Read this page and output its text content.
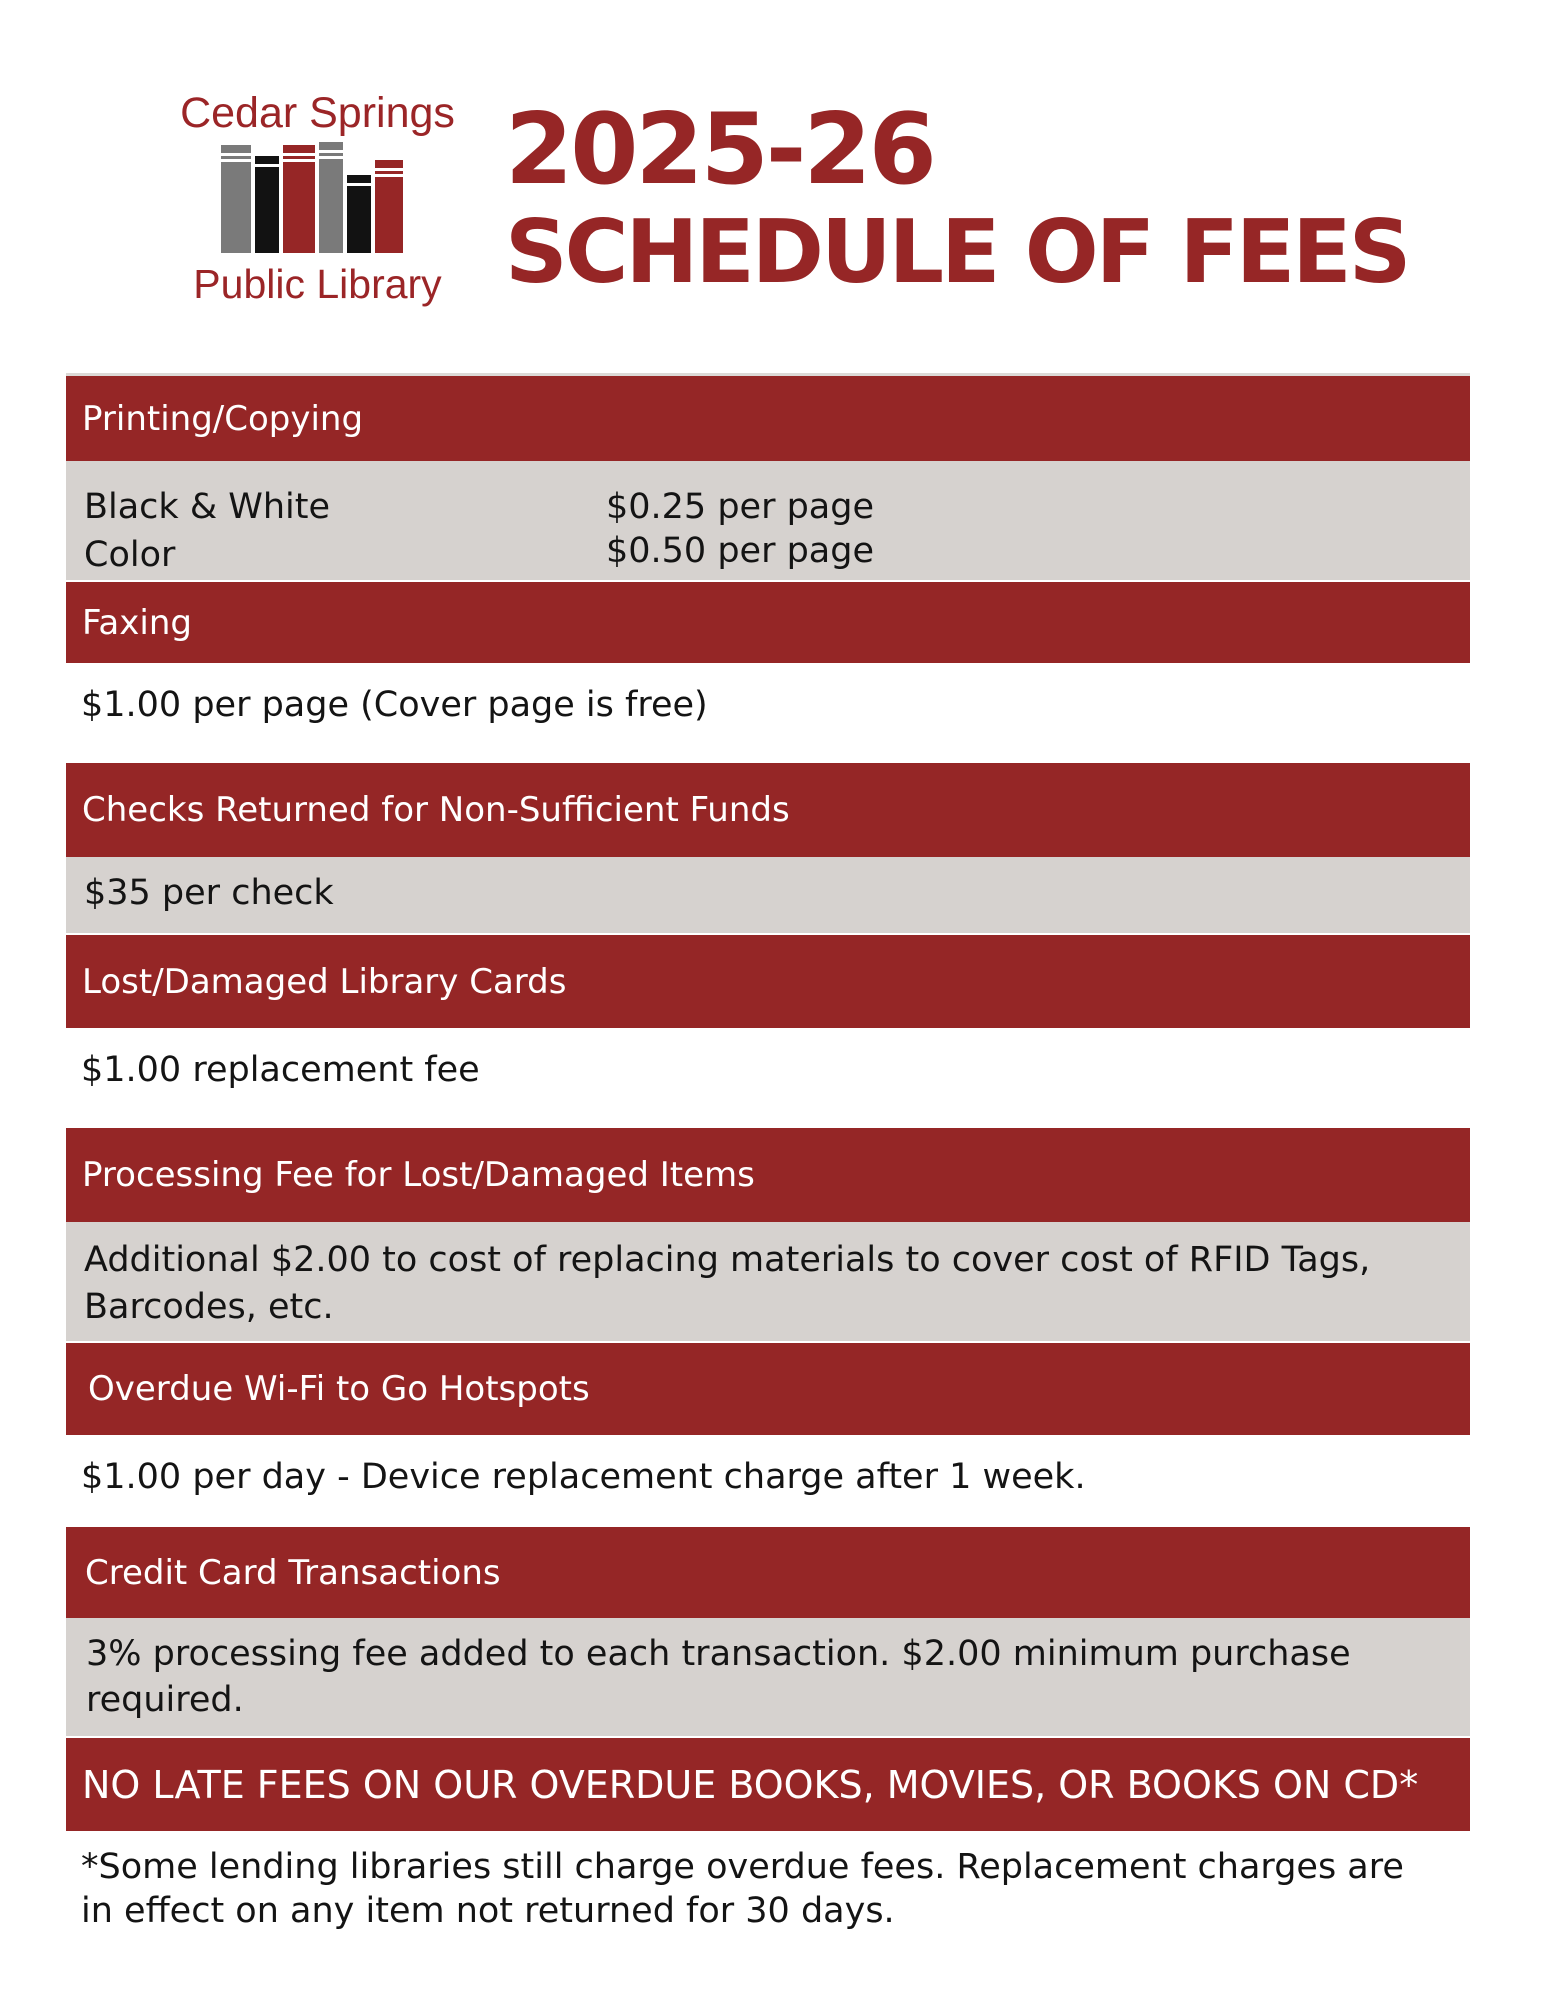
Cedar Springs
Public Library
2025-26
SCHEDULE OF FEES
Printing/Copying
Black & White	$0.25 per page
Color	$0.50 per page
Faxing
$1.00 per page (Cover page is free)
Checks Returned for Non-Sufficient Funds
$35 per check
Lost/Damaged Library Cards
$1.00 replacement fee
Processing Fee for Lost/Damaged Items
Additional $2.00 to cost of replacing materials to cover cost of RFID Tags,
Barcodes, etc.
Overdue Wi-Fi to Go Hotspots
$1.00 per day - Device replacement charge after 1 week.
Credit Card Transactions
3% processing fee added to each transaction. $2.00 minimum purchase
required.
NO LATE FEES ON OUR OVERDUE BOOKS, MOVIES, OR BOOKS ON CD*
*Some lending libraries still charge overdue fees. Replacement charges are
in effect on any item not returned for 30 days.
